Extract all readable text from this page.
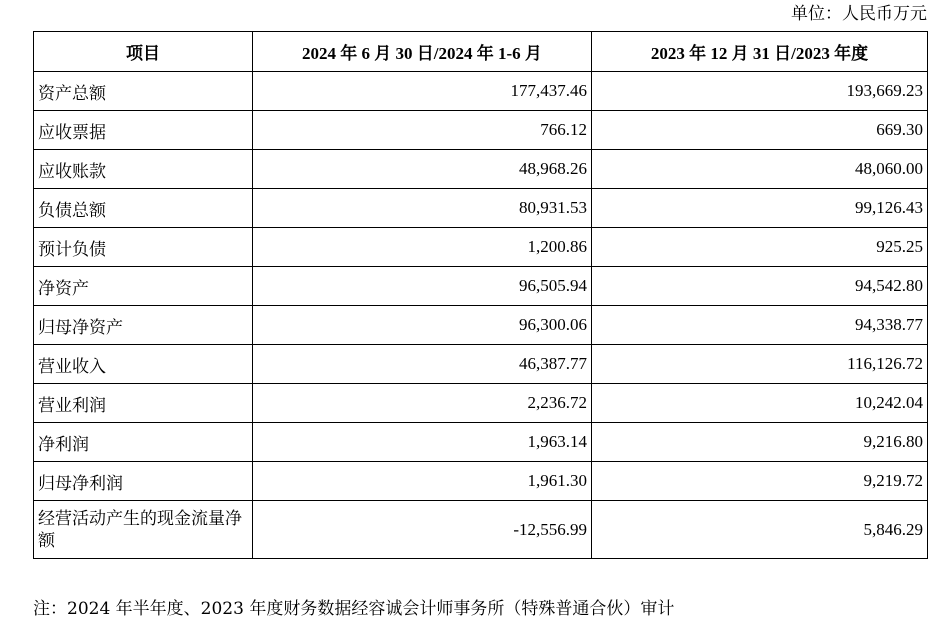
单位：人民币万元
项目	2024 年 6 月 30 日/2024 年 1-6 月	2023 年 12 月 31 日/2023 年度
资产总额	177,437.46	193,669.23
应收票据	766.12	669.30
应收账款	48,968.26	48,060.00
负债总额	80,931.53	99,126.43
预计负债	1,200.86	925.25
净资产	96,505.94	94,542.80
归母净资产	96,300.06	94,338.77
营业收入	46,387.77	116,126.72
营业利润	2,236.72	10,242.04
净利润	1,963.14	9,216.80
归母净利润	1,961.30	9,219.72
经营活动产生的现金流量净额	-12,556.99	5,846.29
注：2024 年半年度、2023 年度财务数据经容诚会计师事务所（特殊普通合伙）审计
